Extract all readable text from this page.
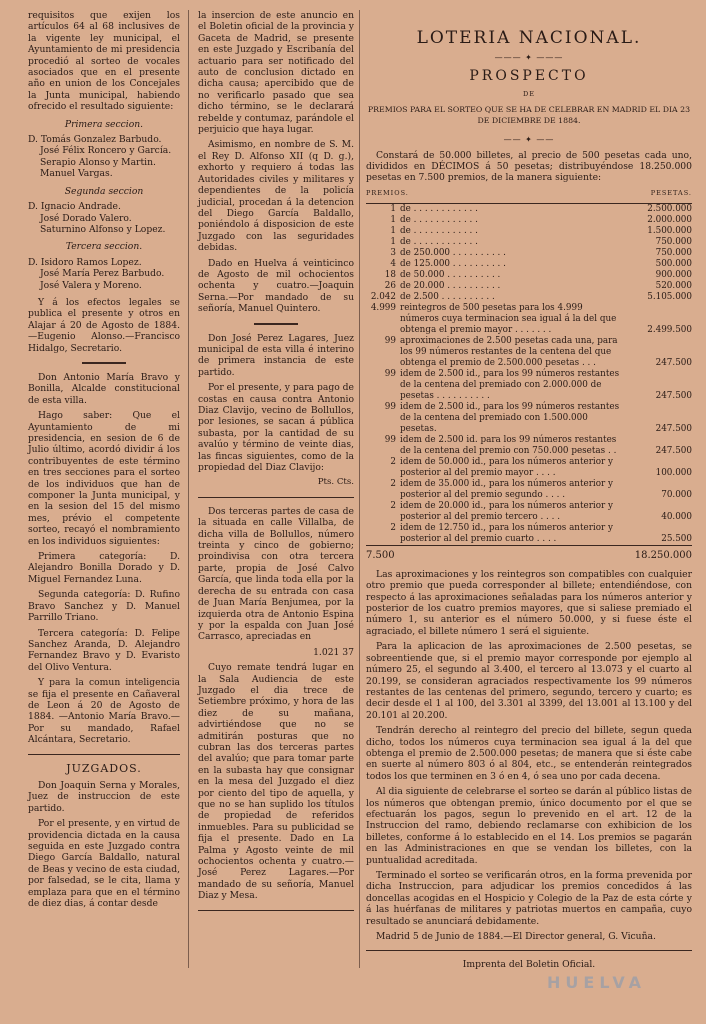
requisitos que exijen los artículos 64 al 68 inclusives de la vigente ley municipal, el Ayuntamiento de mi presidencia procedió al sorteo de vocales asociados que en el presente año en union de los Concejales la Junta municipal, habiendo ofrecido el resultado siguiente:

Primera seccion.
D. Tomás Gonzalez Barbudo.
José Félix Roncero y García.
Serapio Alonso y Martin.
Manuel Vargas.
Segunda seccion
D. Ignacio Andrade.
José Dorado Valero.
Saturnino Alfonso y Lopez.
Tercera seccion.
D. Isidoro Ramos Lopez.
José María Perez Barbudo.
José Valera y Moreno.

Y á los efectos legales se publica el presente y otros en Alajar á 20 de Agosto de 1884.—Eugenio Alonso.—Francisco Hidalgo, Secretario.

Don Antonio María Bravo y Bonilla, Alcalde constitucional de esta villa.

Hago saber: Que el Ayuntamiento de mi presidencia, en sesion de 6 de Julio último, acordó dividir á los contribuyentes de este término en tres secciones para el sorteo de los individuos que han de componer la Junta municipal, y en la sesion del 15 del mismo mes, prévio el competente sorteo, recayó el nombramiento en los individuos siguientes:

Primera categoría: D. Alejandro Bonilla Dorado y D. Miguel Fernandez Luna.

Segunda categoría: D. Rufino Bravo Sanchez y D. Manuel Parrillo Triano.

Tercera categoría: D. Felipe Sanchez Aranda, D. Alejandro Fernandez Bravo y D. Evaristo del Olivo Ventura.

Y para la comun inteligencia se fija el presente en Cañaveral de Leon á 20 de Agosto de 1884. —Antonio María Bravo.—Por su mandado, Rafael Alcántara, Secretario.

JUZGADOS.

Don Joaquin Serna y Morales, Juez de instruccion de este partido.

Por el presente, y en virtud de providencia dictada en la causa seguida en este Juzgado contra Diego García Baldallo, natural de Beas y vecino de esta ciudad, por falsedad, se le cita, llama y emplaza para que en el término de diez dias, á contar desde

la insercion de este anuncio en el Boletin oficial de la provincia y Gaceta de Madrid, se presente en este Juzgado y Escribanía del actuario para ser notificado del auto de conclusion dictado en dicha causa; apercibido que de no verificarlo pasado que sea dicho término, se le declarará rebelde y contumaz, parándole el perjuicio que haya lugar.

Asimismo, en nombre de S. M. el Rey D. Alfonso XII (q D. g.), exhorto y requiero á todas las Autoridades civiles y militares y dependientes de la policía judicial, procedan á la detencion del Diego García Baldallo, poniéndolo á disposicion de este Juzgado con las seguridades debidas.

Dado en Huelva á veinticinco de Agosto de mil ochocientos ochenta y cuatro.—Joaquin Serna.—Por mandado de su señoría, Manuel Quintero.

Don José Perez Lagares, Juez municipal de esta villa é interino de primera instancia de este partido.

Por el presente, y para pago de costas en causa contra Antonio Diaz Clavijo, vecino de Bollullos, por lesiones, se sacan á pública subasta, por la cantidad de su avalúo y término de veinte dias, las fincas siguientes, como de la propiedad del Diaz Clavijo:

Pts. Cts.

Dos terceras partes de casa de la situada en calle Villalba, de dicha villa de Bollullos, número treinta y cinco de gobierno; proindivisa con otra tercera parte, propia de José Calvo García, que linda toda ella por la derecha de su entrada con casa de Juan María Benjumea, por la izquierda otra de Antonio Espina y por la espalda con Juan José Carrasco, apreciadas en

1.021 37

Cuyo remate tendrá lugar en la Sala Audiencia de este Juzgado el dia trece de Setiembre próximo, y hora de las diez de su mañana, advirtiéndose que no se admitirán posturas que no cubran las dos terceras partes del avalúo; que para tomar parte en la subasta hay que consignar en la mesa del Juzgado el diez por ciento del tipo de aquella, y que no se han suplido los títulos de propiedad de referidos inmuebles. Para su publicidad se fija el presente. Dado en La Palma y Agosto veinte de mil ochocientos ochenta y cuatro.—José Perez Lagares.—Por mandado de su señoría, Manuel Diaz y Mesa.

LOTERIA NACIONAL.
——— ✦ ———
PROSPECTO
DE
PREMIOS PARA EL SORTEO QUE SE HA DE CELEBRAR EN MADRID EL DIA 23 DE DICIEMBRE DE 1884.
—— ✦ ——

Constará de 50.000 billetes, al precio de 500 pesetas cada uno, divididos en DÉCIMOS á 50 pesetas; distribuyéndose 18.250.000 pesetas en 7.500 premios, de la manera siguiente:

PREMIOS.		PESETAS.
1	de . . . . . . . . . . . .	2.500.000
1	de . . . . . . . . . . . .	2.000.000
1	de . . . . . . . . . . . .	1.500.000
1	de . . . . . . . . . . . .	750.000
3	de 250.000 . . . . . . . . . .	750.000
4	de 125.000 . . . . . . . . . .	500.000
18	de 50.000 . . . . . . . . . .	900.000
26	de 20.000 . . . . . . . . . .	520.000
2.042	de 2.500 . . . . . . . . . .	5.105.000
4.999	reintegros de 500 pesetas para los 4.999 números cuya terminacion sea igual á la del que obtenga el premio mayor . . . . . . .	2.499.500
99	aproximaciones de 2.500 pesetas cada una, para los 99 números restantes de la centena del que obtenga el premio de 2.500.000 pesetas . . .	247.500
99	idem de 2.500 id., para los 99 números restantes de la centena del premiado con 2.000.000 de pesetas . . . . . . . . . .	247.500
99	idem de 2.500 id., para los 99 números restantes de la centena del premiado con 1.500.000 pesetas.	247.500
99	idem de 2.500 id. para los 99 números restantes de la centena del premio con 750.000 pesetas . .	247.500
2	idem de 50.000 id., para los números anterior y posterior al del premio mayor . . . .	100.000
2	idem de 35.000 id., para los números anterior y posterior al del premio segundo . . . .	70.000
2	idem de 20.000 id., para los números anterior y posterior al del premio tercero . . . .	40.000
2	idem de 12.750 id., para los números anterior y posterior al del premio cuarto . . . .	25.500
7.500		18.250.000

Las aproximaciones y los reintegros son compatibles con cualquier otro premio que pueda corresponder al billete; entendiéndose, con respecto á las aproximaciones señaladas para los números anterior y posterior de los cuatro premios mayores, que si saliese premiado el número 1, su anterior es el número 50.000, y si fuese éste el agraciado, el billete número 1 será el siguiente.

Para la aplicacion de las aproximaciones de 2.500 pesetas, se sobreentiende que, si el premio mayor corresponde por ejemplo al número 25, el segundo al 3.400, el tercero al 13.073 y el cuarto al 20.199, se consideran agraciados respectivamente los 99 números restantes de las centenas del primero, segundo, tercero y cuarto; es decir desde el 1 al 100, del 3.301 al 3399, del 13.001 al 13.100 y del 20.101 al 20.200.

Tendrán derecho al reintegro del precio del billete, segun queda dicho, todos los números cuya terminacion sea igual á la del que obtenga el premio de 2.500.000 pesetas; de manera que si éste cabe en suerte al número 803 ó al 804, etc., se entenderán reintegrados todos los que terminen en 3 ó en 4, ó sea uno por cada decena.

Al dia siguiente de celebrarse el sorteo se darán al público listas de los números que obtengan premio, único documento por el que se efectuarán los pagos, segun lo prevenido en el art. 12 de la Instruccion del ramo, debiendo reclamarse con exhibicion de los billetes, conforme á lo establecido en el 14. Los premios se pagarán en las Administraciones en que se vendan los billetes, con la puntualidad acreditada.

Terminado el sorteo se verificarán otros, en la forma prevenida por dicha Instruccion, para adjudicar los premios concedidos á las doncellas acogidas en el Hospicio y Colegio de la Paz de esta córte y á las huérfanas de militares y patriotas muertos en campaña, cuyo resultado se anunciará debidamente.

Madrid 5 de Junio de 1884.—El Director general, G. Vicuña.

Imprenta del Boletin Oficial.
HUELVA
